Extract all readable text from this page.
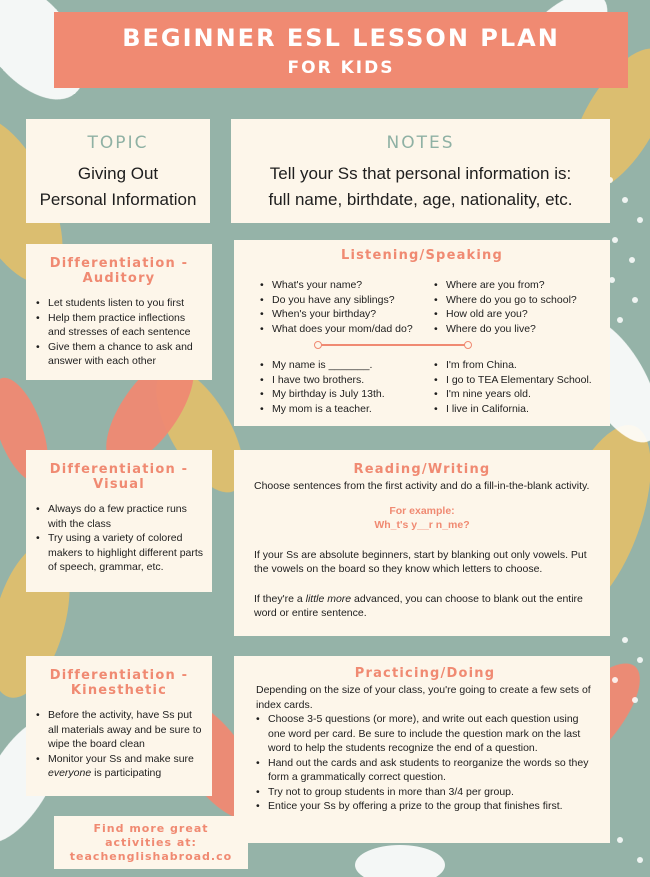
BEGINNER ESL LESSON PLAN
FOR KIDS
TOPIC
Giving Out
Personal Information
NOTES
Tell your Ss that personal information is:
full name, birthdate, age, nationality, etc.
Differentiation -
Auditory
• Let students listen to you first
• Help them practice inflections and stresses of each sentence
• Give them a chance to ask and answer with each other
Listening/Speaking
• What's your name?
• Do you have any siblings?
• When's your birthday?
• What does your mom/dad do?
• Where are you from?
• Where do you go to school?
• How old are you?
• Where do you live?
• My name is _______.
• I have two brothers.
• My birthday is July 13th.
• My mom is a teacher.
• I'm from China.
• I go to TEA Elementary School.
• I'm nine years old.
• I live in California.
Differentiation -
Visual
• Always do a few practice runs with the class
• Try using a variety of colored makers to highlight different parts of speech, grammar, etc.
Reading/Writing

Choose sentences from the first activity and do a fill-in-the-blank activity.

For example:
Wh_t's y__r n_me?

If your Ss are absolute beginners, start by blanking out only vowels. Put the vowels on the board so they know which letters to choose.

If they're a little more advanced, you can choose to blank out the entire word or entire sentence.

Differentiation -
Kinesthetic
• Before the activity, have Ss put all materials away and be sure to wipe the board clean
• Monitor your Ss and make sure everyone is participating
Practicing/Doing

Depending on the size of your class, you're going to create a few sets of index cards.

• Choose 3-5 questions (or more), and write out each question using one word per card. Be sure to include the question mark on the last word to help the students recognize the end of a question.
• Hand out the cards and ask students to reorganize the words so they form a grammatically correct question.
• Try not to group students in more than 3/4 per group.
• Entice your Ss by offering a prize to the group that finishes first.
Find more great
activities at:
teachenglishabroad.co
